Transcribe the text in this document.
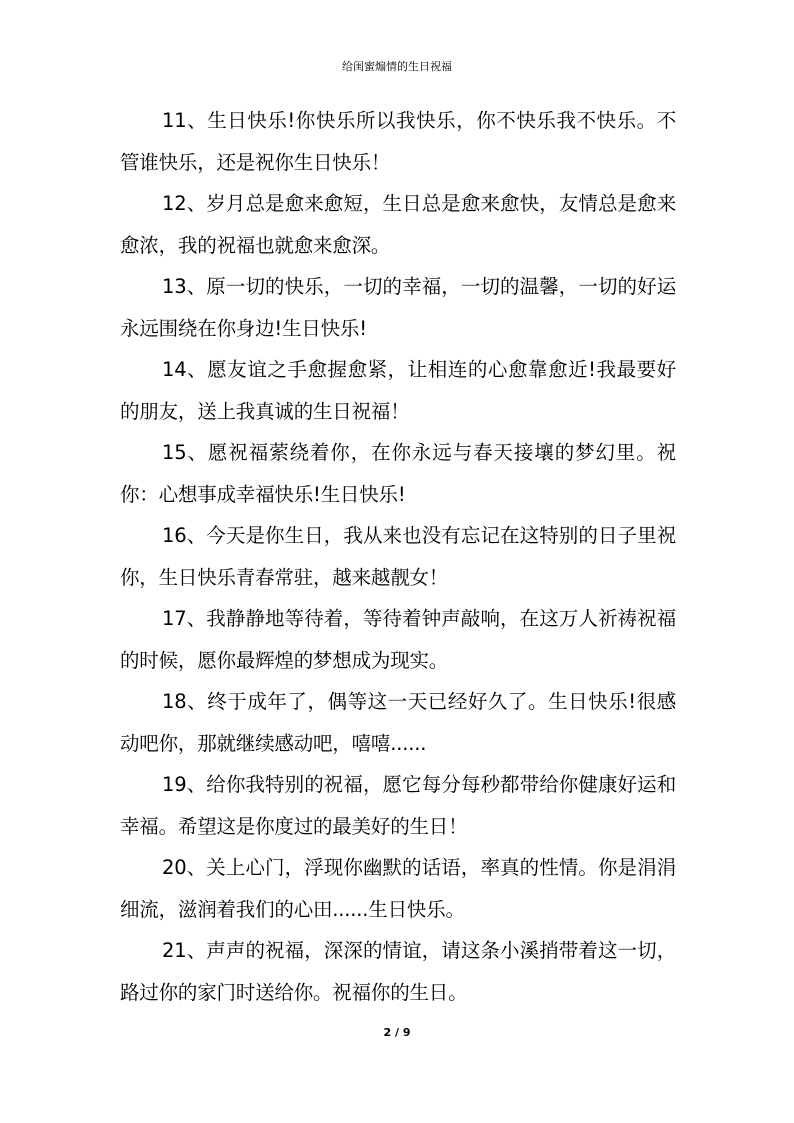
给闺蜜煽情的生日祝福

11、生日快乐!你快乐所以我快乐，你不快乐我不快乐。不管谁快乐，还是祝你生日快乐！

12、岁月总是愈来愈短，生日总是愈来愈快，友情总是愈来愈浓，我的祝福也就愈来愈深。

13、原一切的快乐，一切的幸福，一切的温馨，一切的好运永远围绕在你身边!生日快乐!

14、愿友谊之手愈握愈紧，让相连的心愈靠愈近!我最要好的朋友，送上我真诚的生日祝福！

15、愿祝福萦绕着你，在你永远与春天接壤的梦幻里。祝你：心想事成幸福快乐!生日快乐!

16、今天是你生日，我从来也没有忘记在这特别的日子里祝你，生日快乐青春常驻，越来越靓女！

17、我静静地等待着，等待着钟声敲响，在这万人祈祷祝福的时候，愿你最辉煌的梦想成为现实。

18、终于成年了，偶等这一天已经好久了。生日快乐!很感动吧你，那就继续感动吧，嘻嘻......

19、给你我特别的祝福，愿它每分每秒都带给你健康好运和幸福。希望这是你度过的最美好的生日！

20、关上心门，浮现你幽默的话语，率真的性情。你是涓涓细流，滋润着我们的心田......生日快乐。

21、声声的祝福，深深的情谊，请这条小溪捎带着这一切，路过你的家门时送给你。祝福你的生日。

2 / 9
